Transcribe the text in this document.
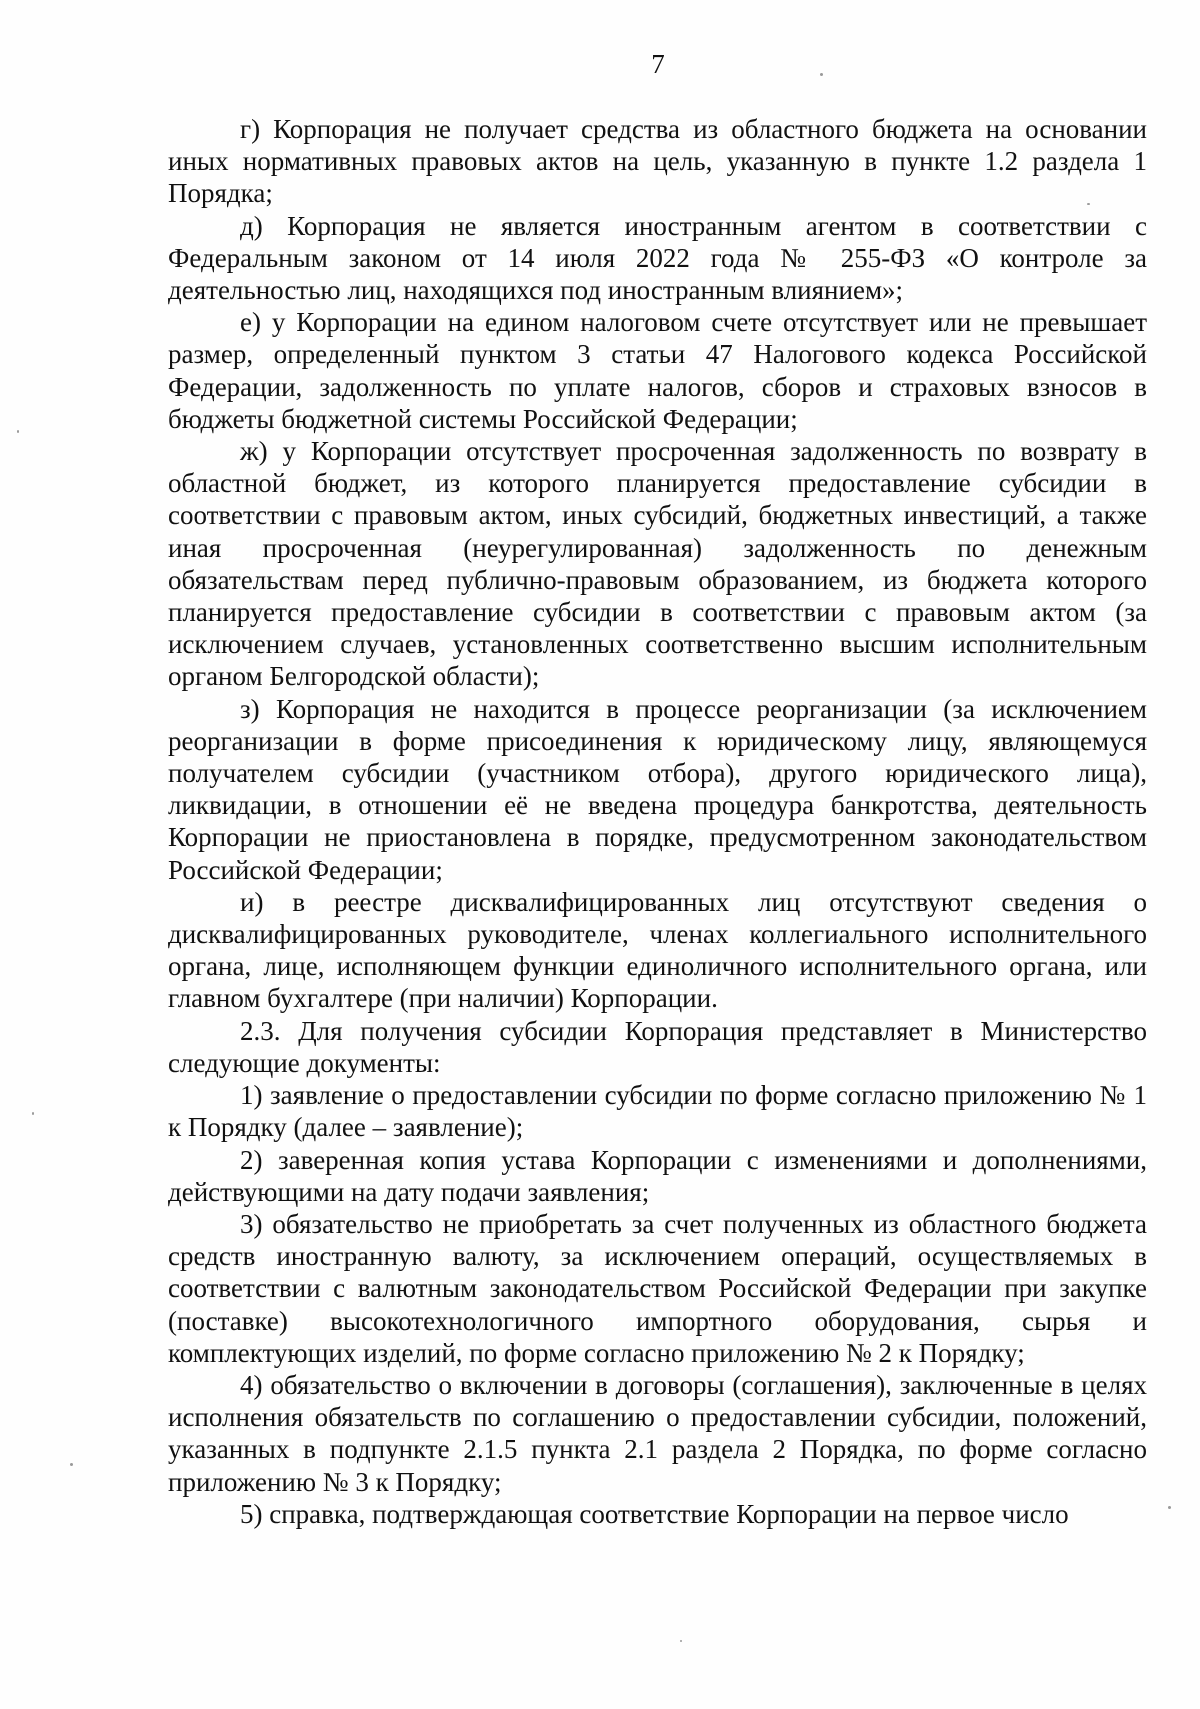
7

г) Корпорация не получает средства из областного бюджета на основании иных нормативных правовых актов на цель, указанную в пункте 1.2 раздела 1 Порядка;

д) Корпорация не является иностранным агентом в соответствии с Федеральным законом от 14 июля 2022 года № 255-ФЗ «О контроле за деятельностью лиц, находящихся под иностранным влиянием»;

е) у Корпорации на едином налоговом счете отсутствует или не превышает размер, определенный пунктом 3 статьи 47 Налогового кодекса Российской Федерации, задолженность по уплате налогов, сборов и страховых взносов в бюджеты бюджетной системы Российской Федерации;

ж) у Корпорации отсутствует просроченная задолженность по возврату в областной бюджет, из которого планируется предоставление субсидии в соответствии с правовым актом, иных субсидий, бюджетных инвестиций, а также иная просроченная (неурегулированная) задолженность по денежным обязательствам перед публично-правовым образованием, из бюджета которого планируется предоставление субсидии в соответствии с правовым актом (за исключением случаев, установленных соответственно высшим исполнительным органом Белгородской области);

з) Корпорация не находится в процессе реорганизации (за исключением реорганизации в форме присоединения к юридическому лицу, являющемуся получателем субсидии (участником отбора), другого юридического лица), ликвидации, в отношении её не введена процедура банкротства, деятельность Корпорации не приостановлена в порядке, предусмотренном законодательством Российской Федерации;

и) в реестре дисквалифицированных лиц отсутствуют сведения о дисквалифицированных руководителе, членах коллегиального исполнительного органа, лице, исполняющем функции единоличного исполнительного органа, или главном бухгалтере (при наличии) Корпорации.

2.3. Для получения субсидии Корпорация представляет в Министерство следующие документы:

1) заявление о предоставлении субсидии по форме согласно приложению № 1 к Порядку (далее – заявление);

2) заверенная копия устава Корпорации с изменениями и дополнениями, действующими на дату подачи заявления;

3) обязательство не приобретать за счет полученных из областного бюджета средств иностранную валюту, за исключением операций, осуществляемых в соответствии с валютным законодательством Российской Федерации при закупке (поставке) высокотехнологичного импортного оборудования, сырья и комплектующих изделий, по форме согласно приложению № 2 к Порядку;

4) обязательство о включении в договоры (соглашения), заключенные в целях исполнения обязательств по соглашению о предоставлении субсидии, положений, указанных в подпункте 2.1.5 пункта 2.1 раздела 2 Порядка, по форме согласно приложению № 3 к Порядку;

5) справка, подтверждающая соответствие Корпорации на первое число
